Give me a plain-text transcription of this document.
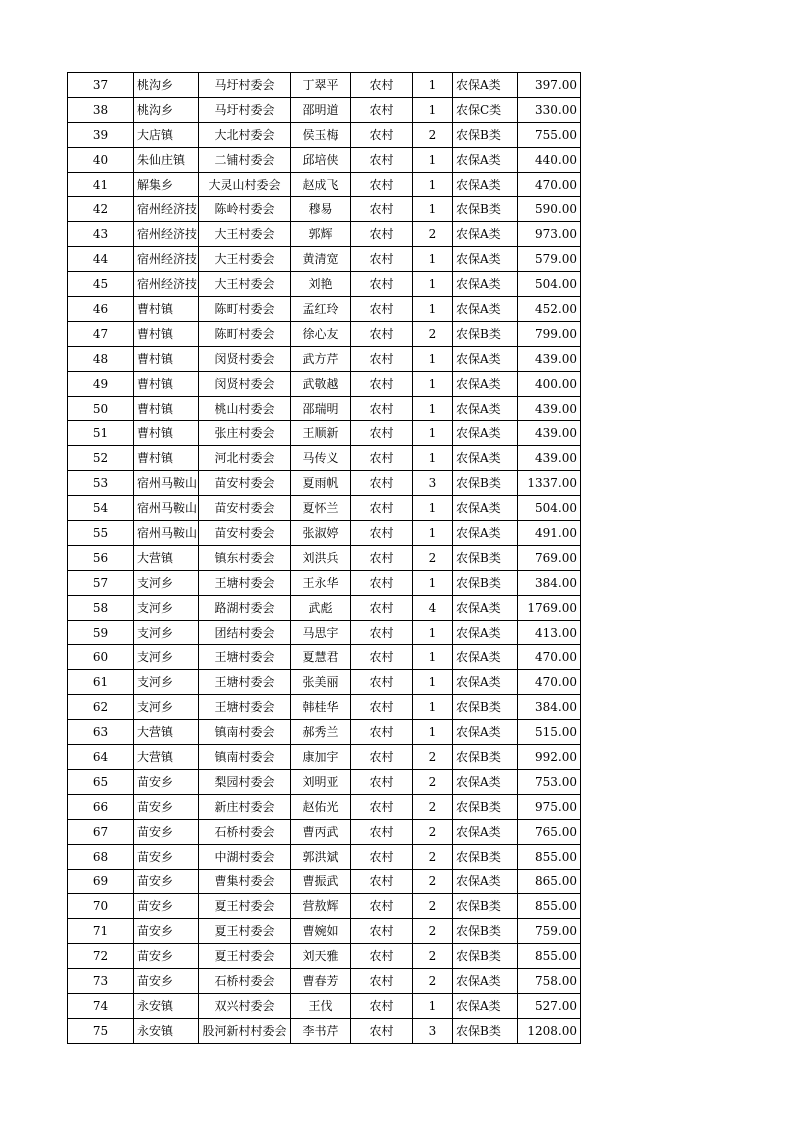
37	桃沟乡	马圩村委会	丁翠平	农村	1	农保A类	397.00
38	桃沟乡	马圩村委会	邵明道	农村	1	农保C类	330.00
39	大店镇	大北村委会	侯玉梅	农村	2	农保B类	755.00
40	朱仙庄镇	二铺村委会	邱培侠	农村	1	农保A类	440.00
41	解集乡	大灵山村委会	赵成飞	农村	1	农保A类	470.00
42	宿州经济技	陈岭村委会	穆易	农村	1	农保B类	590.00
43	宿州经济技	大王村委会	郭辉	农村	2	农保A类	973.00
44	宿州经济技	大王村委会	黄清宽	农村	1	农保A类	579.00
45	宿州经济技	大王村委会	刘艳	农村	1	农保A类	504.00
46	曹村镇	陈町村委会	孟红玲	农村	1	农保A类	452.00
47	曹村镇	陈町村委会	徐心友	农村	2	农保B类	799.00
48	曹村镇	闵贤村委会	武方芹	农村	1	农保A类	439.00
49	曹村镇	闵贤村委会	武敬越	农村	1	农保A类	400.00
50	曹村镇	桃山村委会	邵瑞明	农村	1	农保A类	439.00
51	曹村镇	张庄村委会	王顺新	农村	1	农保A类	439.00
52	曹村镇	河北村委会	马传义	农村	1	农保A类	439.00
53	宿州马鞍山	苗安村委会	夏雨帆	农村	3	农保B类	1337.00
54	宿州马鞍山	苗安村委会	夏怀兰	农村	1	农保A类	504.00
55	宿州马鞍山	苗安村委会	张淑婷	农村	1	农保A类	491.00
56	大营镇	镇东村委会	刘洪兵	农村	2	农保B类	769.00
57	支河乡	王塘村委会	王永华	农村	1	农保B类	384.00
58	支河乡	路湖村委会	武彪	农村	4	农保A类	1769.00
59	支河乡	团结村委会	马思宇	农村	1	农保A类	413.00
60	支河乡	王塘村委会	夏慧君	农村	1	农保A类	470.00
61	支河乡	王塘村委会	张美丽	农村	1	农保A类	470.00
62	支河乡	王塘村委会	韩桂华	农村	1	农保B类	384.00
63	大营镇	镇南村委会	郝秀兰	农村	1	农保A类	515.00
64	大营镇	镇南村委会	康加宇	农村	2	农保B类	992.00
65	苗安乡	梨园村委会	刘明亚	农村	2	农保A类	753.00
66	苗安乡	新庄村委会	赵佑光	农村	2	农保B类	975.00
67	苗安乡	石桥村委会	曹丙武	农村	2	农保A类	765.00
68	苗安乡	中湖村委会	郭洪斌	农村	2	农保B类	855.00
69	苗安乡	曹集村委会	曹振武	农村	2	农保A类	865.00
70	苗安乡	夏王村委会	营敖辉	农村	2	农保B类	855.00
71	苗安乡	夏王村委会	曹婉如	农村	2	农保B类	759.00
72	苗安乡	夏王村委会	刘天雅	农村	2	农保B类	855.00
73	苗安乡	石桥村委会	曹春芳	农村	2	农保A类	758.00
74	永安镇	双兴村委会	王伐	农村	1	农保A类	527.00
75	永安镇	股河新村村委会	李书芹	农村	3	农保B类	1208.00
